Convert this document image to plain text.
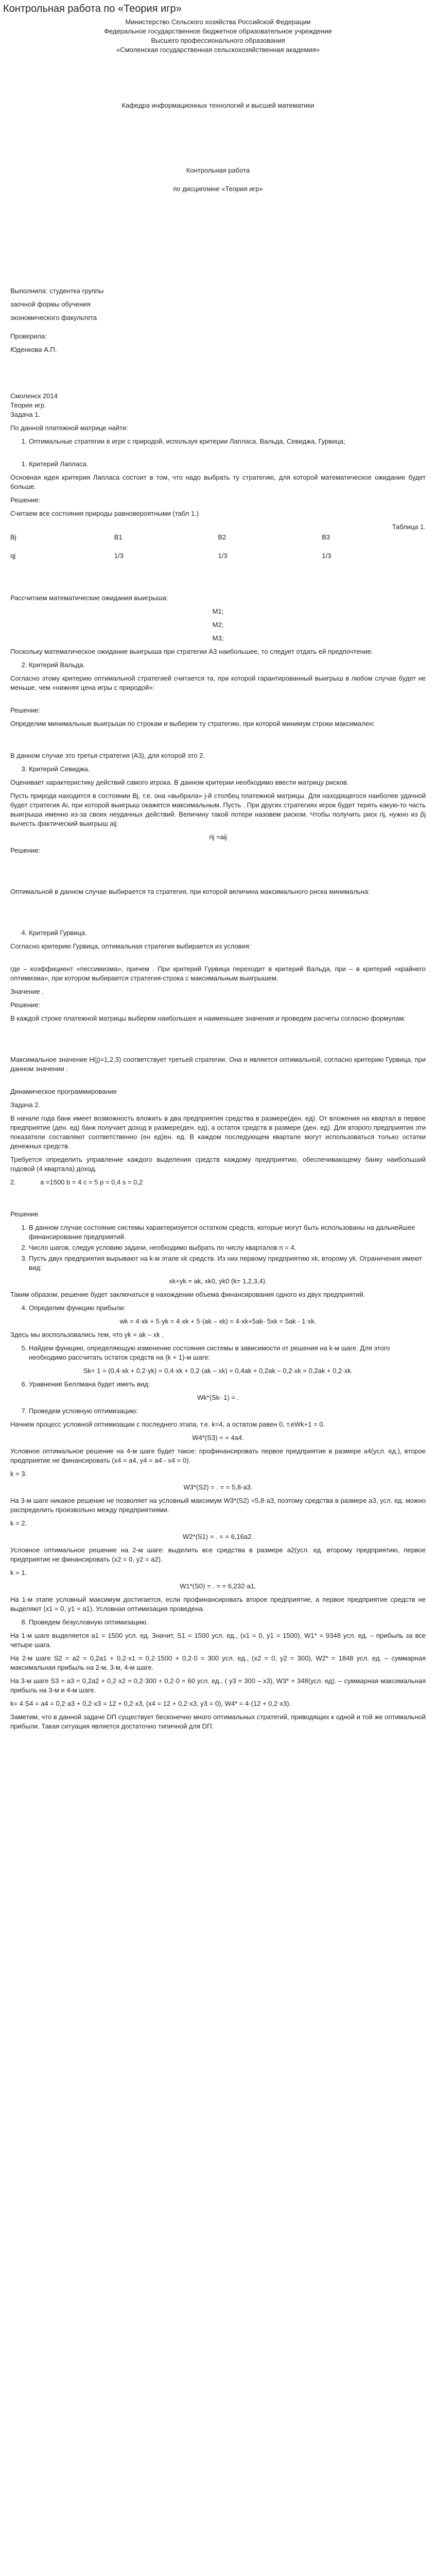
Контрольная работа по «Теория игр»
Министерство Сельского хозяйства Российской Федерации
Федеральное государственное бюджетное образовательное учреждение
Высшего профессионального образования
«Смоленская государственная сельскохозяйственная академия»
Кафедра информационных технологий и высшей математики
Контрольная работа
по дисциплине «Теория игр»
Выполнила: студентка группы
заочной формы обучения
экономического факультета
Проверила:
Юденкова А.П.
Смоленск 2014
Теория игр.
Задача 1.

По данной платежной матрице найти:

1. Оптимальные стратегии в игре с природой, используя критерии Лапласа, Вальда, Севиджа, Гурвица;
1. Критерий Лапласа.

Основная идея критерия Лапласа состоит в том, что надо выбрать ту стратегию, для которой математическое ожидание будет больше.

Решение:

Считаем все состояния природы равновероятными (табл 1.)

Таблица 1.
Bj	B1	B2	B3

qj	1/3	1/3	1/3

Рассчитаем математические ожидания выигрыша:

M1;
M2;
M3;

Поскольку математическое ожидание выигрыша при стратегии А3 наибольшее, то следует отдать ей предпочтение.

2. Критерий Вальда.

Согласно этому критерию оптимальной стратегией считается та, при которой гарантированный выигрыш в любом случае будет не меньше, чем «нижняя цена игры с природой»:

Решение:

Определим минимальные выигрыши по строкам и выберем ту стратегию, при которой минимум строки максимален:

В данном случае это третья стратегия (А3), для которой это 2.

3. Критерий Севиджа.

Оценивает характеристику действий самого игрока. В данном критерии необходимо ввести матрицу рисков.

Пусть природа находится в состоянии Bj, т.е. она «выбрала» j-й столбец платежной матрицы. Для находящегося наиболее удачной будет стратегия Ai, при которой выигрыш окажется максимальным. Пусть . При других стратегиях игрок будет терять какую-то часть выигрыша именно из-за своих неудачных действий. Величину такой потери назовем риском. Чтобы получить риск rij, нужно из βj вычесть фактический выигрыш aij:

rij =aij

Решение:

Оптимальной в данном случае выбирается та стратегия, при которой величина максимального риска минимальна:

4. Критерий Гурвица.

Согласно критерию Гурвица, оптимальная стратегия выбирается из условия:

где – коэффициент «пессимизма», причем . При критерий Гурвица переходит в критерий Вальда, при – в критерий «крайнего оптимизма», при котором выбирается стратегия-строка с максимальным выигрышем.

Значение .

Решение:

В каждой строке платежной матрицы выберем наибольшее и наименьшее значения и проведем расчеты согласно формулам:

Максимальное значение H(j)=1,2,3) соответствует третьей стратегии. Она и является оптимальной, согласно критерию Гурвица, при данном значении .

Динамическое программирование

Задача 2.

В начале года банк имеет возможность вложить в два предприятия средства в размере(ден. ед). От вложения на квартал в первое предприятие (ден. ед) банк получает доход в размере(ден. ед), а остаток средств в размере (ден. ед). Для второго предприятия эти показатели составляют соответственно (ен ед)ен. ед. В каждом последующем квартале могут использоваться только остатки денежных средств.

Требуется определить управление каждого выделения средств каждому предприятию, обеспечивающему банку наибольший годовой (4 квартала) доход.

2.	a =1500 b = 4 c = 5 p = 0,4 s = 0,2

Решение

1. В данном случае состояние системы характеризуется остатком средств, которые могут быть использованы на дальнейшее финансирование предприятий.
2. Число шагов, следуя условию задачи, необходимо выбрать по числу кварталов n = 4.
3. Пусть двух предприятия вырывают на k-м этапе xk средств. Из них первому предприятию xk, второму yk. Ограничения имеют вид:
xk+yk = ak, xk0, yk0 (k= 1,2,3,4).

Таким образом, решение будет заключаться в нахождении объема финансирования одного из двух предприятий.

4. Определим функцию прибыли:
wk = 4·xk + 5·yk = 4·xk + 5·(ak – xk) = 4·xk+5ak- 5xk = 5ak - 1·xk.

Здесь мы воспользовались тем, что yk = ak – xk .

5. Найдем функцию, определяющую изменение состояния системы в зависимости от решения на k-м шаге. Для этого необходимо рассчитать остаток средств на (k + 1)-м шаге:
Sk+ 1 = (0,4·xk + 0,2·yk) = 0,4·xk + 0,2·(ak – xk) = 0,4ak + 0,2ak – 0,2·xk = 0,2ak + 0,2·xk.
6. Уравнение Беллмана будет иметь вид:
Wk*(Sk- 1) = .
7. Проведем условную оптимизацию:

Начнем процесс условной оптимизации с последнего этапа, т.е. k=4, а остатом равен 0, т.еWk+1 = 0.

W4*(S3) = = 4a4.

Условное оптимальное решение на 4-м шаге будет такое: профинансировать первое предприятие в размере a4(усл. ед.), второе предприятие не финансировать (x4 = a4, y4 = a4 - x4 = 0).

k = 3.

W3*(S2) = . = = 5,8·a3.

На 3-м шаге никакое решение не позволяет на условный максимум W3*(S2) =5,8·a3, поэтому средства в размере a3, усл. ед. можно распределить произвольно между предприятиями.

k = 2.

W2*(S1) = . = = 6,16a2.

Условное оптимальное решение на 2-м шаге: выделить все средства в размере a2(усл. ед. второму предприятию, первое предприятие не финансировать (x2 = 0, y2 = a2).

k = 1.

W1*(S0) = . = = 6,232·a1.

На 1-м этапе условный максимум достигается, если профинансировать второе предприятие, а первое предприятие средств не выделяют (x1 = 0, y1 = a1). Условная оптимизация проведена.

8. Проведем безусловную оптимизацию.

На 1-м шаге выделяется a1 = 1500 усл. ед. Значит, S1 = 1500 усл. ед., (x1 = 0, y1 = 1500), W1* = 9348 усл. ед. – прибыль за все четыре шага.

На 2-м шаге S2 = a2 = 0,2a1 + 0,2·x1 = 0,2·1500 + 0,2·0 = 300 усл. ед., (x2 = 0, y2 = 300), W2* = 1848 усл. ед. – суммарная максимальная прибыль на 2-м, 3-м, 4-м шаге.

На 3-м шаге S3 = a3 = 0,2a2 + 0,2·x2 = 0,2·300 + 0,2·0 = 60 усл. ед., ( y3 = 300 – x3), W3* = 348(усл. ед). – суммарная максимальная прибыль на 3-м и 4-м шаге.

k= 4 S4 = a4 = 0,2·a3 + 0,2·x3 = 12 + 0,2·x3, (x4 = 12 + 0,2·x3, y3 = 0), W4* = 4·(12 + 0,2·x3).

Заметим, что в данной задаче DП существует бесконечно много оптимальных стратегий, приводящих к одной и той же оптимальной прибыли. Такая ситуация является достаточно типичной для DП.
